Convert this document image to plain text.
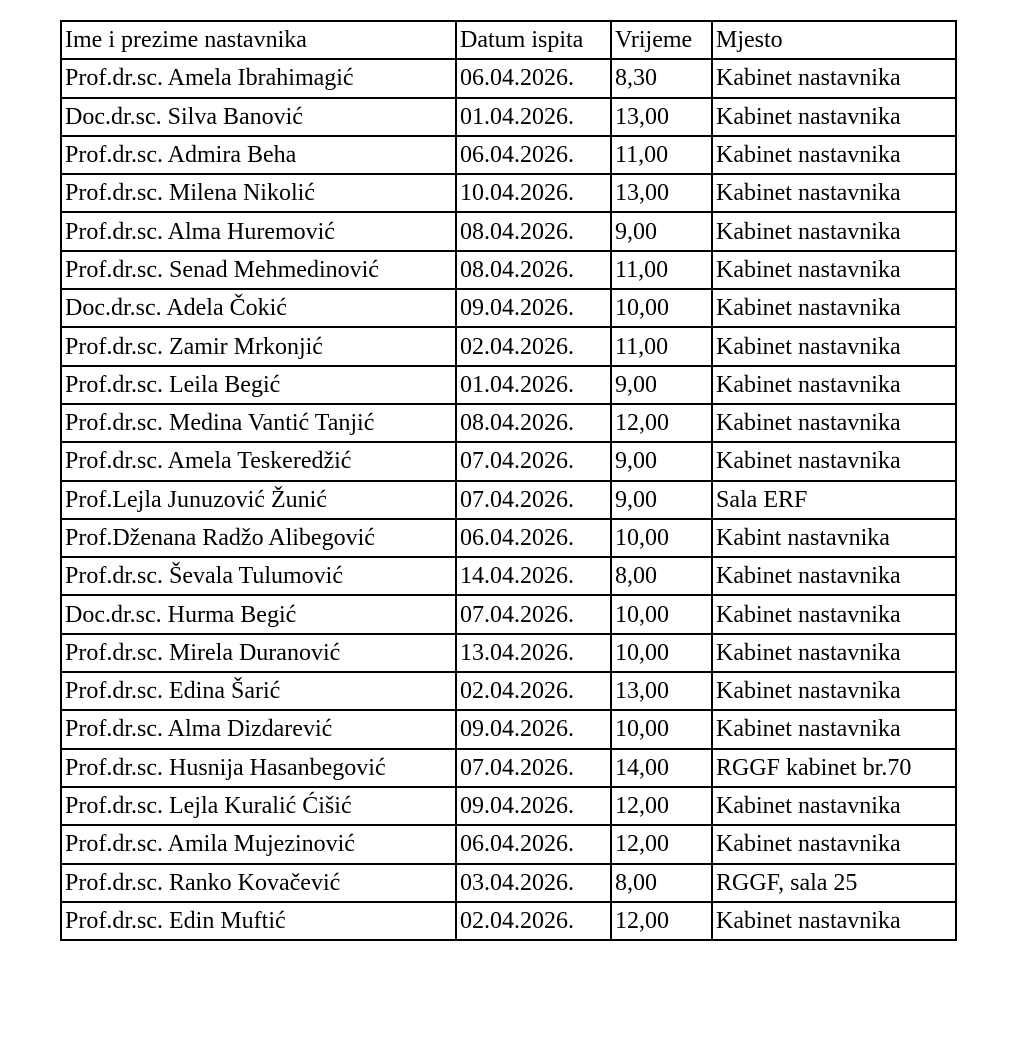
Ime i prezime nastavnika	Datum ispita	Vrijeme	Mjesto
Prof.dr.sc. Amela Ibrahimagić	06.04.2026.	8,30	Kabinet nastavnika
Doc.dr.sc. Silva Banović	01.04.2026.	13,00	Kabinet nastavnika
Prof.dr.sc. Admira Beha	06.04.2026.	11,00	Kabinet nastavnika
Prof.dr.sc. Milena Nikolić	10.04.2026.	13,00	Kabinet nastavnika
Prof.dr.sc. Alma Huremović	08.04.2026.	9,00	Kabinet nastavnika
Prof.dr.sc. Senad Mehmedinović	08.04.2026.	11,00	Kabinet nastavnika
Doc.dr.sc. Adela Čokić	09.04.2026.	10,00	Kabinet nastavnika
Prof.dr.sc. Zamir Mrkonjić	02.04.2026.	11,00	Kabinet nastavnika
Prof.dr.sc. Leila Begić	01.04.2026.	9,00	Kabinet nastavnika
Prof.dr.sc. Medina Vantić Tanjić	08.04.2026.	12,00	Kabinet nastavnika
Prof.dr.sc. Amela Teskeredžić	07.04.2026.	9,00	Kabinet nastavnika
Prof.Lejla Junuzović Žunić	07.04.2026.	9,00	Sala ERF
Prof.Dženana Radžo Alibegović	06.04.2026.	10,00	Kabint nastavnika
Prof.dr.sc. Ševala Tulumović	14.04.2026.	8,00	Kabinet nastavnika
Doc.dr.sc. Hurma Begić	07.04.2026.	10,00	Kabinet nastavnika
Prof.dr.sc. Mirela Duranović	13.04.2026.	10,00	Kabinet nastavnika
Prof.dr.sc. Edina Šarić	02.04.2026.	13,00	Kabinet nastavnika
Prof.dr.sc. Alma Dizdarević	09.04.2026.	10,00	Kabinet nastavnika
Prof.dr.sc. Husnija Hasanbegović	07.04.2026.	14,00	RGGF kabinet br.70
Prof.dr.sc. Lejla Kuralić Ćišić	09.04.2026.	12,00	Kabinet nastavnika
Prof.dr.sc. Amila Mujezinović	06.04.2026.	12,00	Kabinet nastavnika
Prof.dr.sc. Ranko Kovačević	03.04.2026.	8,00	RGGF, sala 25
Prof.dr.sc. Edin Muftić	02.04.2026.	12,00	Kabinet nastavnika
